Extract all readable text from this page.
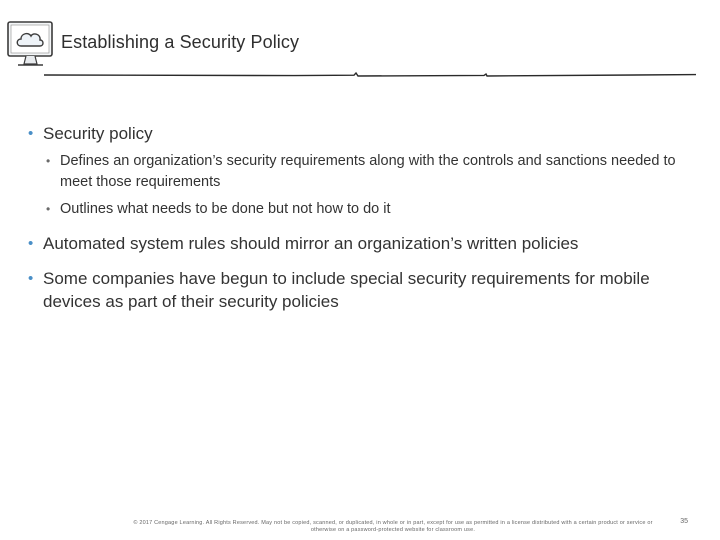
Establishing a Security Policy
• Security policy
• Defines an organization’s security requirements along with the controls and sanctions needed to meet those requirements
• Outlines what needs to be done but not how to do it
• Automated system rules should mirror an organization’s written policies
• Some companies have begun to include special security requirements for mobile devices as part of their security policies
© 2017 Cengage Learning. All Rights Reserved. May not be copied, scanned, or duplicated, in whole or in part, except for use as permitted in a license distributed with a certain product or service or otherwise on a password-protected website for classroom use.
35
